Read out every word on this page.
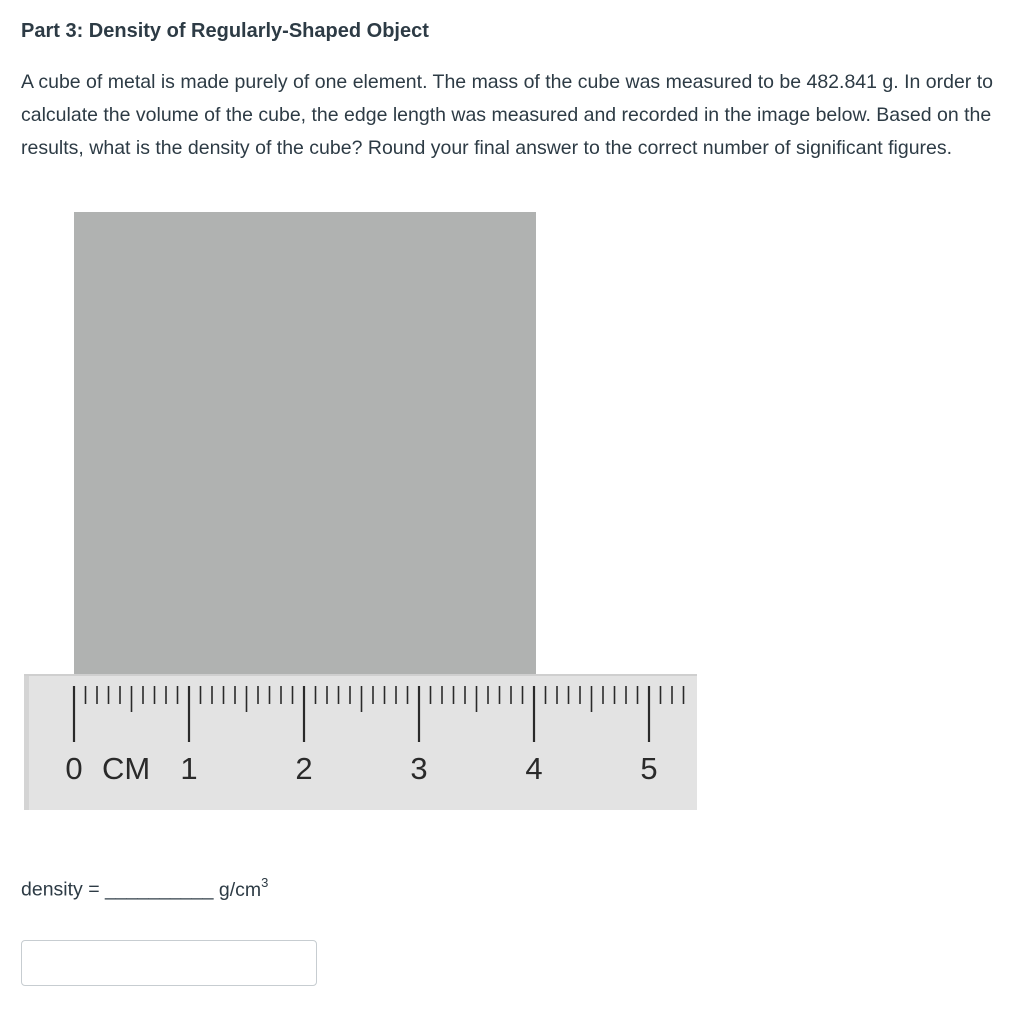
Part 3: Density of Regularly-Shaped Object

A cube of metal is made purely of one element. The mass of the cube was measured to be 482.841 g. In order to calculate the volume of the cube, the edge length was measured and recorded in the image below. Based on the results, what is the density of the cube? Round your final answer to the correct number of significant figures.

0	1	2	3	4	5
CM
density = __________ $g/cm^3$
